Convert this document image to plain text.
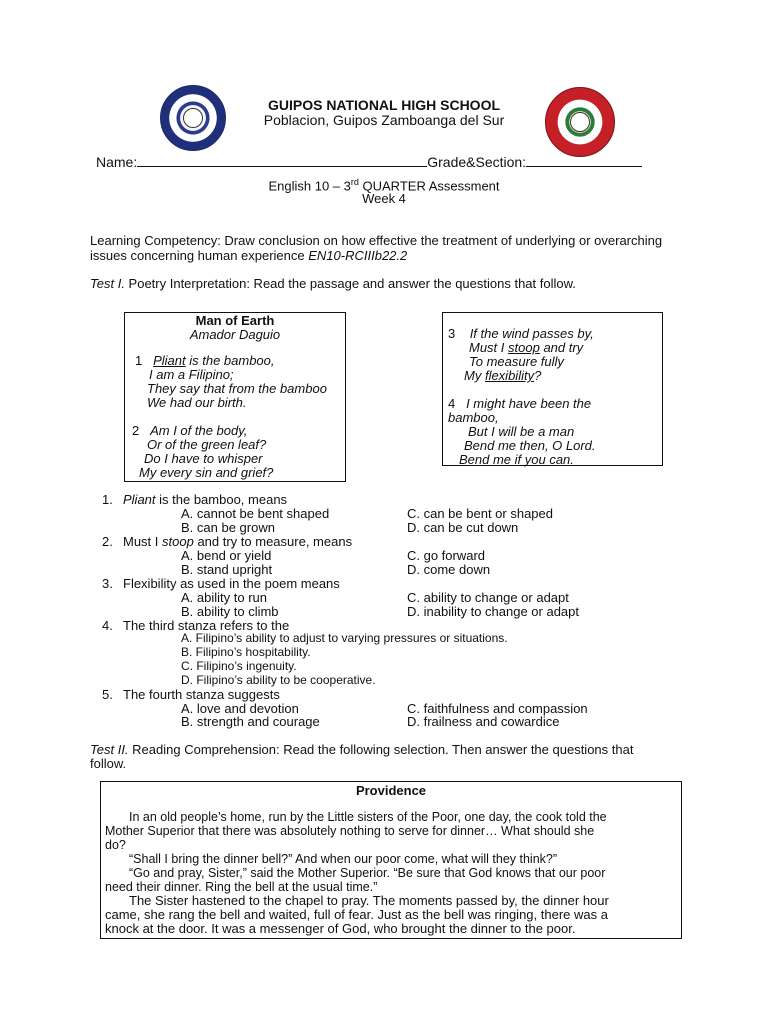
GUIPOS NATIONAL HIGH SCHOOL
Poblacion, Guipos Zamboanga del Sur
Name:	Grade&Section:
English 10 – 3rd QUARTER Assessment
Week 4
Learning Competency: Draw conclusion on how effective the treatment of underlying or overarching issues concerning human experience EN10-RCIIIb22.2
Test I. Poetry Interpretation: Read the passage and answer the questions that follow.
Man of Earth
Amador Daguio
1 Pliant is the bamboo,
I am a Filipino;
They say that from the bamboo
We had our birth.
2 Am I of the body,
Or of the green leaf?
Do I have to whisper
My every sin and grief?
3 If the wind passes by,
Must I stoop and try
To measure fully
My flexibility?
4 I might have been the
bamboo,
But I will be a man
Bend me then, O Lord.
Bend me if you can.
1. Pliant is the bamboo, means
A. cannot be bent shaped
B. can be grown
C. can be bent or shaped
D. can be cut down
2. Must I stoop and try to measure, means
A. bend or yield
B. stand upright
C. go forward
D. come down
3. Flexibility as used in the poem means
A. ability to run
B. ability to climb
C. ability to change or adapt
D. inability to change or adapt
4. The third stanza refers to the
A. Filipino’s ability to adjust to varying pressures or situations.
B. Filipino’s hospitability.
C. Filipino’s ingenuity.
D. Filipino’s ability to be cooperative.
5. The fourth stanza suggests
A. love and devotion
B. strength and courage
C. faithfulness and compassion
D. frailness and cowardice
Test II. Reading Comprehension: Read the following selection. Then answer the questions that
follow.
Providence
In an old people’s home, run by the Little sisters of the Poor, one day, the cook told the
Mother Superior that there was absolutely nothing to serve for dinner… What should she
do?
“Shall I bring the dinner bell?” And when our poor come, what will they think?”
“Go and pray, Sister,” said the Mother Superior. “Be sure that God knows that our poor
need their dinner. Ring the bell at the usual time.”
The Sister hastened to the chapel to pray. The moments passed by, the dinner hour
came, she rang the bell and waited, full of fear. Just as the bell was ringing, there was a
knock at the door. It was a messenger of God, who brought the dinner to the poor.
